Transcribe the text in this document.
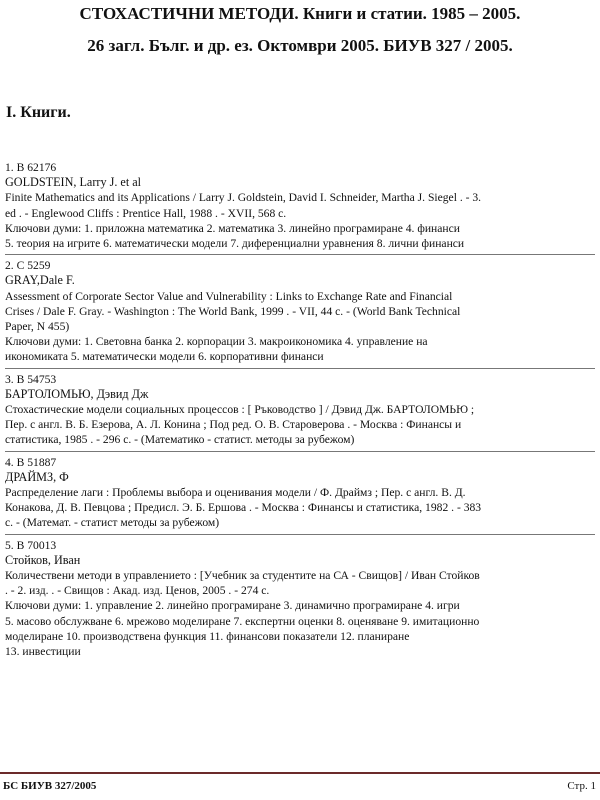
СТОХАСТИЧНИ МЕТОДИ. Книги и статии. 1985 – 2005.
26 загл. Бълг. и др. ез. Октомври 2005. БИУВ 327 / 2005.
I. Книги.
1. B 62176
GOLDSTEIN, Larry J. et al
Finite Mathematics and its Applications / Larry J. Goldstein, David I. Schneider, Martha J. Siegel . - 3.
ed . - Englewood Cliffs : Prentice Hall, 1988 . - XVII, 568 с.
Ключови думи: 1. приложна математика 2. математика 3. линейно програмиране 4. финанси
5. теория на игрите 6. математически модели 7. диференциални уравнения 8. лични финанси
2. C 5259
GRAY,Dale F.
Assessment of Corporate Sector Value and Vulnerability : Links to Exchange Rate and Financial
Crises / Dale F. Gray. - Washington : The World Bank, 1999 . - VII, 44 с. - (World Bank Technical
Paper, N 455)
Ключови думи: 1. Световна банка 2. корпорации 3. макроикономика 4. управление на
икономиката 5. математически модели 6. корпоративни финанси
3. B 54753
БАРТОЛОМЬЮ, Дэвид Дж
Стохастические модели социальных процессов : [ Ръководство ] / Дэвид Дж. БАРТОЛОМЬЮ ;
Пер. с англ. В. Б. Езерова, А. Л. Конина ; Под ред. О. В. Староверова . - Москва : Финансы и
статистика, 1985 . - 296 с. - (Математико - статист. методы за рубежом)
4. B 51887
ДРАЙМЗ, Ф
Распределение лаги : Проблемы выбора и оценивания модели / Ф. Драймз ; Пер. с англ. В. Д.
Конакова, Д. В. Певцова ; Предисл. Э. Б. Ершова . - Москва : Финансы и статистика, 1982 . - 383
с. - (Математ. - статист методы за рубежом)
5. B 70013
Стойков, Иван
Количествени методи в управлението : [Учебник за студентите на СА - Свищов] / Иван Стойков
. - 2. изд. . - Свищов : Акад. изд. Ценов, 2005 . - 274 с.
Ключови думи: 1. управление 2. линейно програмиране 3. динамично програмиране 4. игри
5. масово обслужване 6. мрежово моделиране 7. експертни оценки 8. оценяване 9. имитационно
моделиране 10. производствена функция 11. финансови показатели 12. планиране
13. инвестиции
БС БИУВ 327/2005	Стр. 1
